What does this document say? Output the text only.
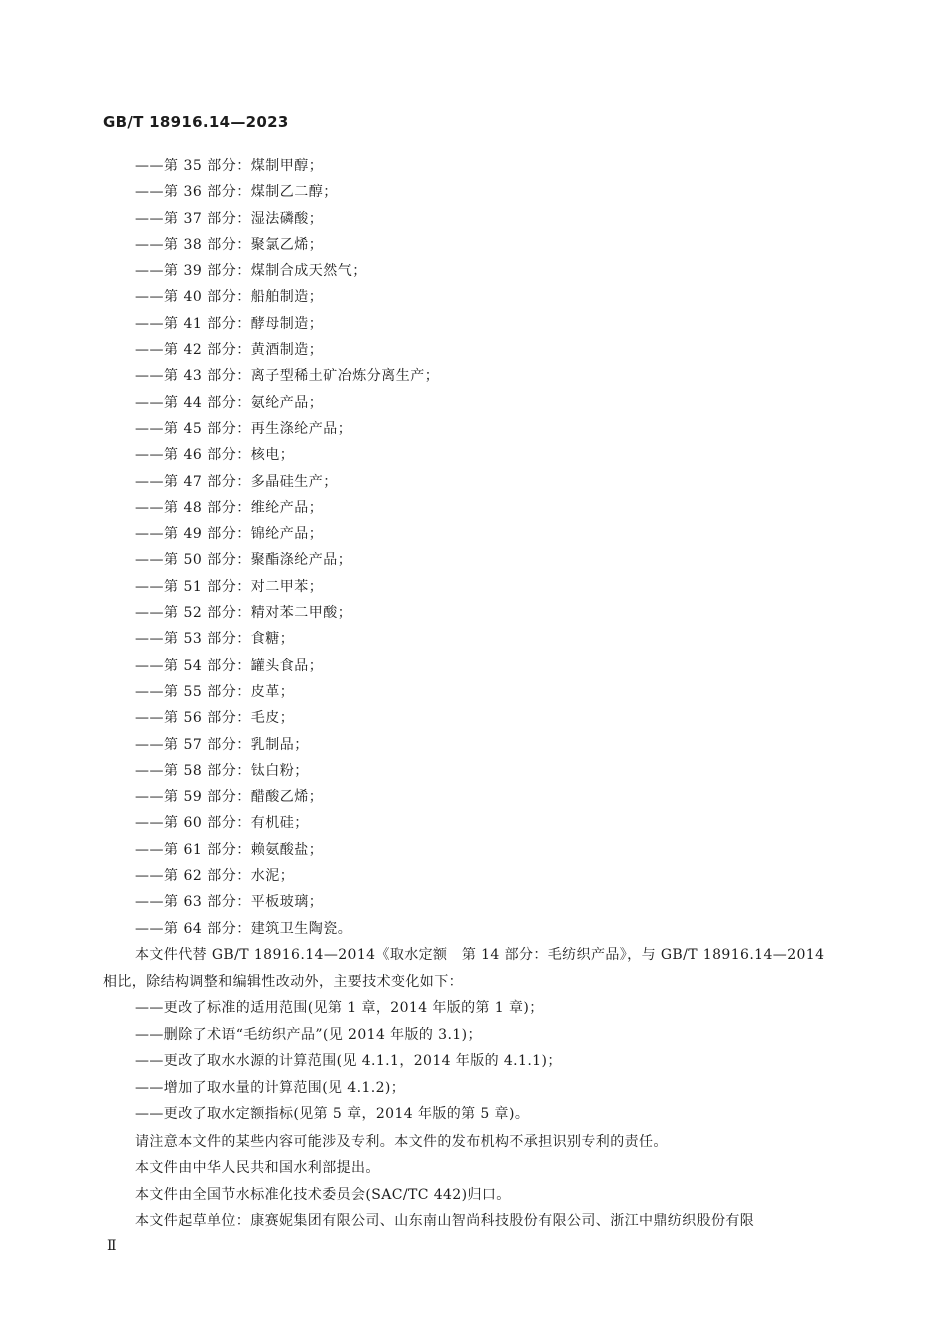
GB/T 18916.14—2023
——第 35 部分：煤制甲醇；
——第 36 部分：煤制乙二醇；
——第 37 部分：湿法磷酸；
——第 38 部分：聚氯乙烯；
——第 39 部分：煤制合成天然气；
——第 40 部分：船舶制造；
——第 41 部分：酵母制造；
——第 42 部分：黄酒制造；
——第 43 部分：离子型稀土矿冶炼分离生产；
——第 44 部分：氨纶产品；
——第 45 部分：再生涤纶产品；
——第 46 部分：核电；
——第 47 部分：多晶硅生产；
——第 48 部分：维纶产品；
——第 49 部分：锦纶产品；
——第 50 部分：聚酯涤纶产品；
——第 51 部分：对二甲苯；
——第 52 部分：精对苯二甲酸；
——第 53 部分：食糖；
——第 54 部分：罐头食品；
——第 55 部分：皮革；
——第 56 部分：毛皮；
——第 57 部分：乳制品；
——第 58 部分：钛白粉；
——第 59 部分：醋酸乙烯；
——第 60 部分：有机硅；
——第 61 部分：赖氨酸盐；
——第 62 部分：水泥；
——第 63 部分：平板玻璃；
——第 64 部分：建筑卫生陶瓷。

本文件代替 GB/T 18916.14—2014《取水定额　第 14 部分：毛纺织产品》，与 GB/T 18916.14—2014 相比，除结构调整和编辑性改动外，主要技术变化如下：

——更改了标准的适用范围(见第 1 章，2014 年版的第 1 章)；
——删除了术语“毛纺织产品”(见 2014 年版的 3.1)；
——更改了取水水源的计算范围(见 4.1.1，2014 年版的 4.1.1)；
——增加了取水量的计算范围(见 4.1.2)；
——更改了取水定额指标(见第 5 章，2014 年版的第 5 章)。

请注意本文件的某些内容可能涉及专利。本文件的发布机构不承担识别专利的责任。

本文件由中华人民共和国水利部提出。

本文件由全国节水标准化技术委员会(SAC/TC 442)归口。

本文件起草单位：康赛妮集团有限公司、山东南山智尚科技股份有限公司、浙江中鼎纺织股份有限

Ⅱ
